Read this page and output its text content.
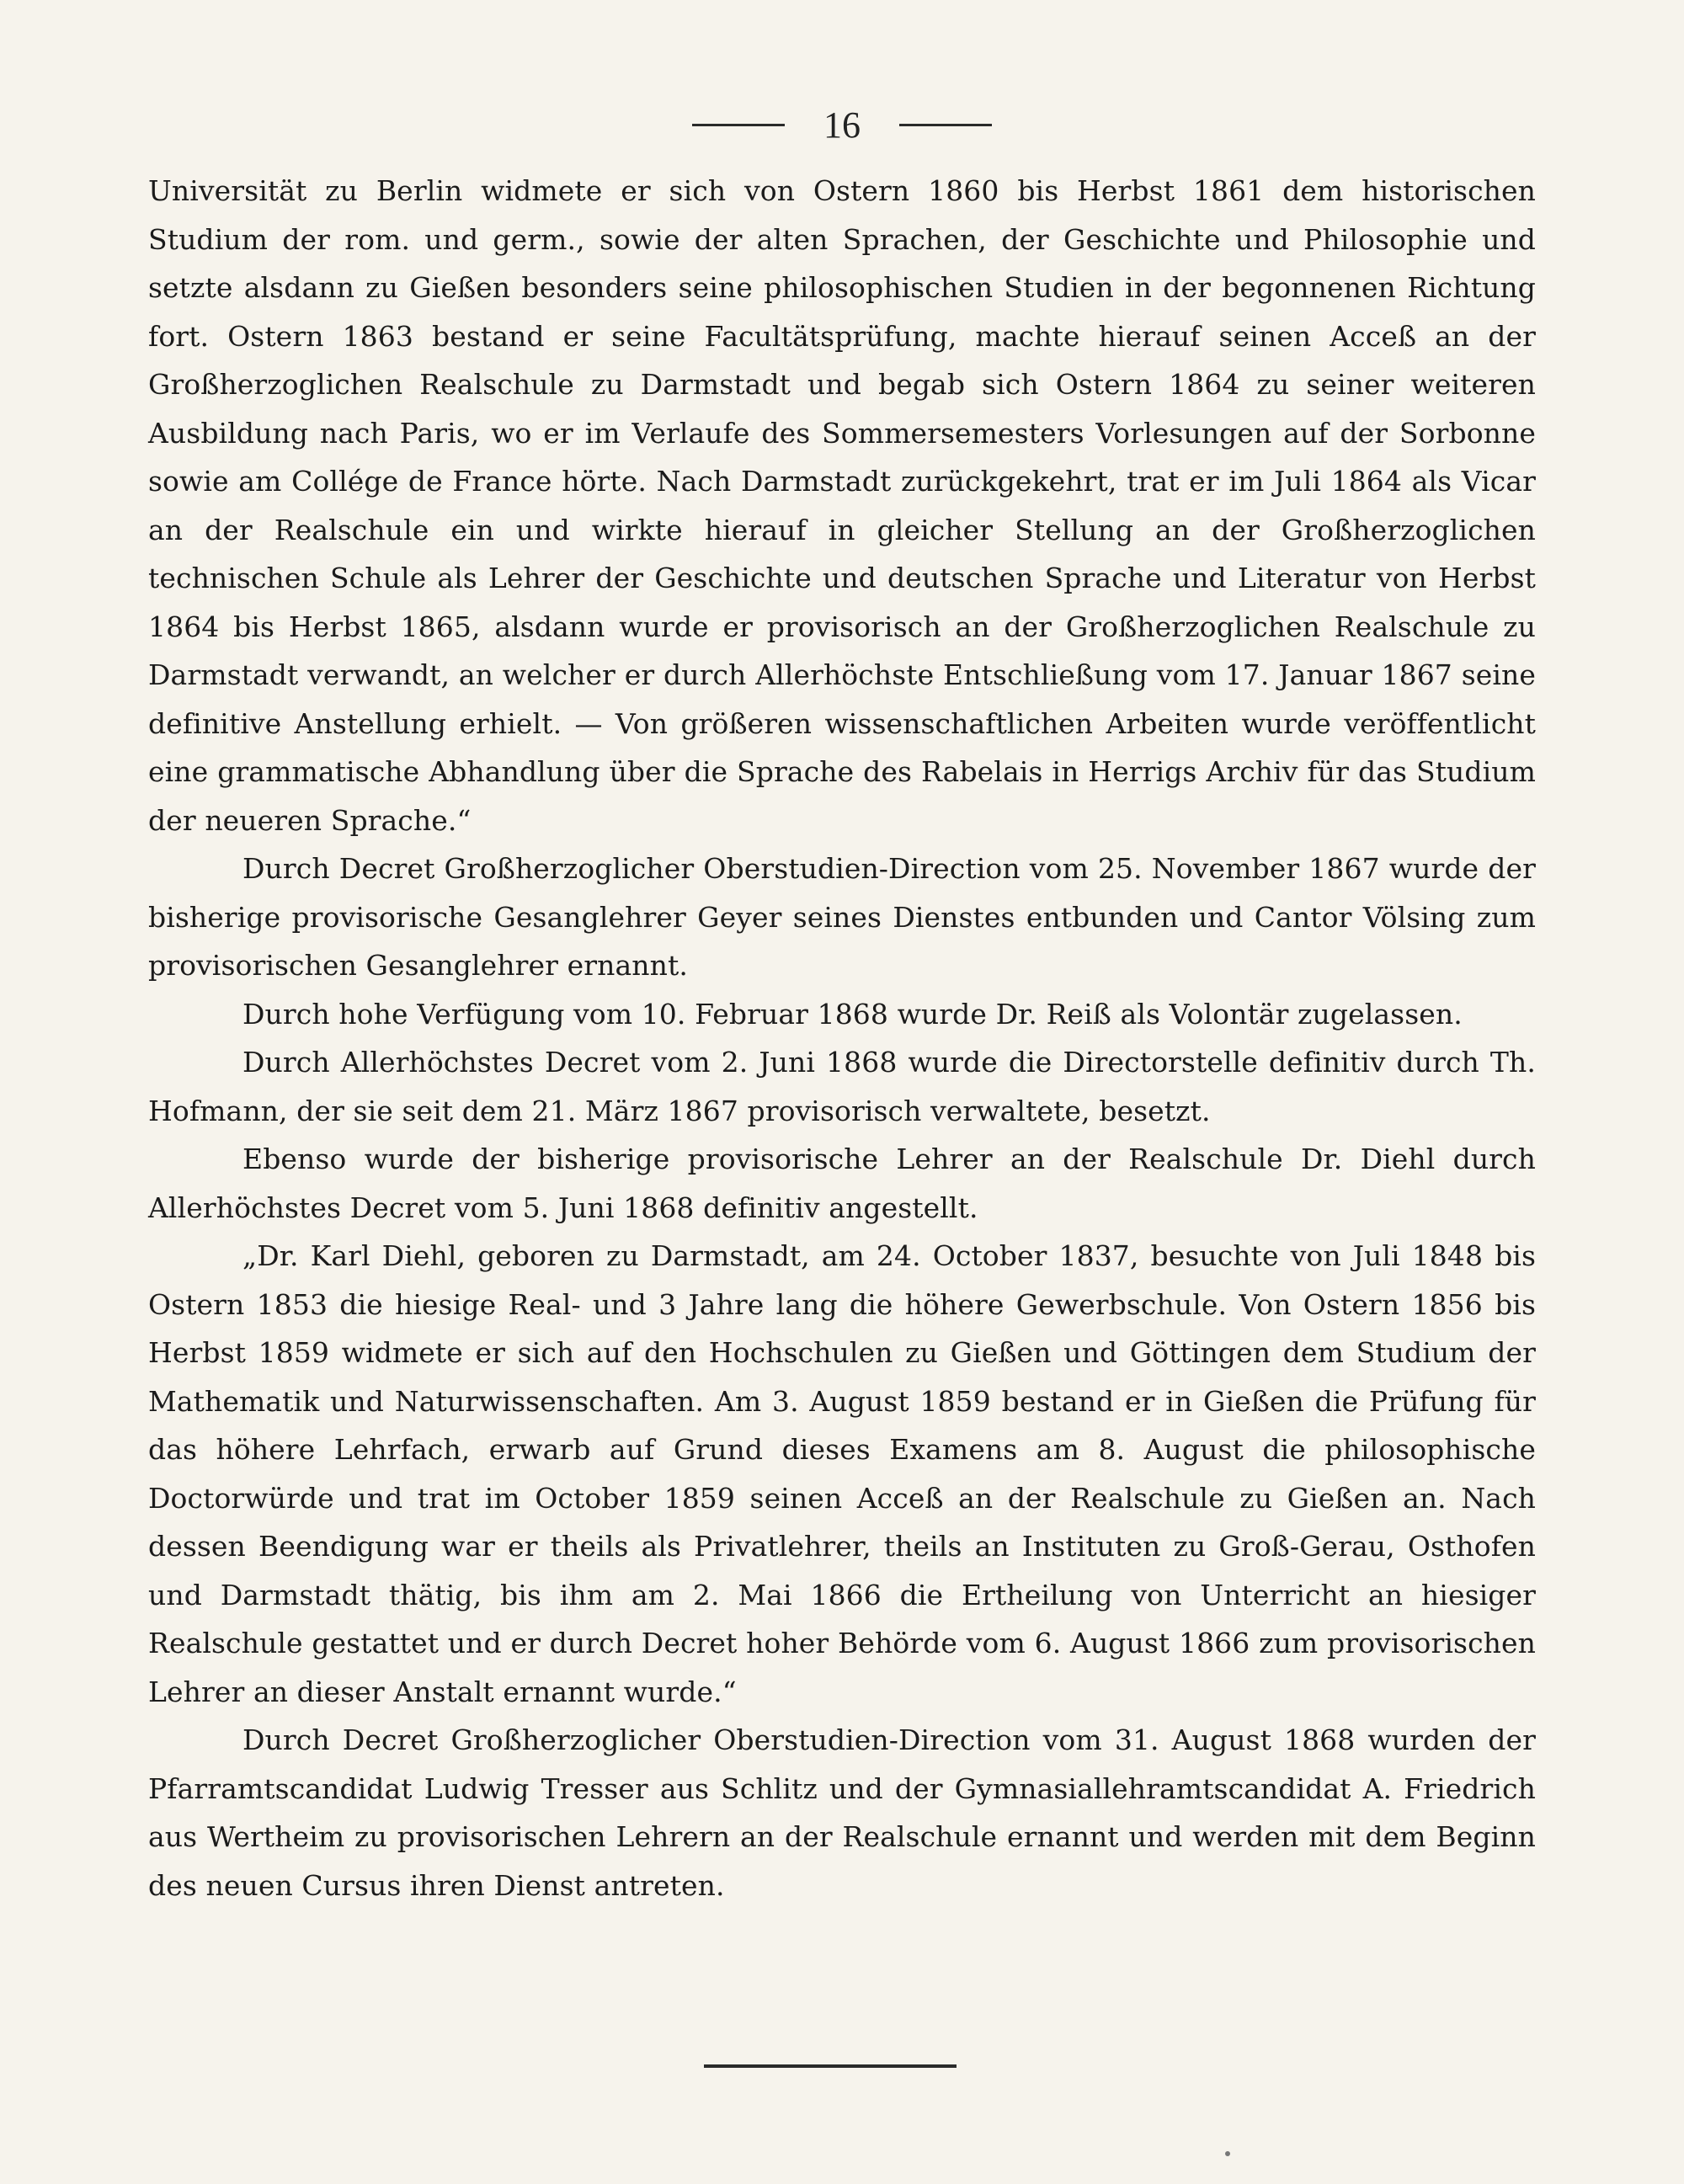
16

Universität zu Berlin widmete er sich von Ostern 1860 bis Herbst 1861 dem historischen Studium der rom. und germ., sowie der alten Sprachen, der Geschichte und Philosophie und setzte alsdann zu Gießen besonders seine philosophischen Studien in der begonnenen Richtung fort. Ostern 1863 bestand er seine Facultätsprüfung, machte hierauf seinen Acceß an der Großherzoglichen Realschule zu Darmstadt und begab sich Ostern 1864 zu seiner weiteren Ausbildung nach Paris, wo er im Verlaufe des Sommersemesters Vorlesungen auf der Sorbonne sowie am Collége de France hörte. Nach Darmstadt zurückgekehrt, trat er im Juli 1864 als Vicar an der Realschule ein und wirkte hierauf in gleicher Stellung an der Großherzoglichen technischen Schule als Lehrer der Geschichte und deutschen Sprache und Literatur von Herbst 1864 bis Herbst 1865, alsdann wurde er provisorisch an der Großherzoglichen Realschule zu Darmstadt verwandt, an welcher er durch Allerhöchste Entschließung vom 17. Januar 1867 seine definitive Anstellung erhielt. — Von größeren wissenschaftlichen Arbeiten wurde veröffentlicht eine grammatische Abhandlung über die Sprache des Rabelais in Herrigs Archiv für das Studium der neueren Sprache.“

Durch Decret Großherzoglicher Oberstudien-Direction vom 25. November 1867 wurde der bisherige provisorische Gesanglehrer Geyer seines Dienstes entbunden und Cantor Völsing zum provisorischen Gesanglehrer ernannt.

Durch hohe Verfügung vom 10. Februar 1868 wurde Dr. Reiß als Volontär zugelassen.

Durch Allerhöchstes Decret vom 2. Juni 1868 wurde die Directorstelle definitiv durch Th. Hofmann, der sie seit dem 21. März 1867 provisorisch verwaltete, besetzt.

Ebenso wurde der bisherige provisorische Lehrer an der Realschule Dr. Diehl durch Allerhöchstes Decret vom 5. Juni 1868 definitiv angestellt.

„Dr. Karl Diehl, geboren zu Darmstadt, am 24. October 1837, besuchte von Juli 1848 bis Ostern 1853 die hiesige Real- und 3 Jahre lang die höhere Gewerbschule. Von Ostern 1856 bis Herbst 1859 widmete er sich auf den Hochschulen zu Gießen und Göttingen dem Studium der Mathematik und Naturwissenschaften. Am 3. August 1859 bestand er in Gießen die Prüfung für das höhere Lehrfach, erwarb auf Grund dieses Examens am 8. August die philosophische Doctorwürde und trat im October 1859 seinen Acceß an der Realschule zu Gießen an. Nach dessen Beendigung war er theils als Privatlehrer, theils an Instituten zu Groß-Gerau, Osthofen und Darmstadt thätig, bis ihm am 2. Mai 1866 die Ertheilung von Unterricht an hiesiger Realschule gestattet und er durch Decret hoher Behörde vom 6. August 1866 zum provisorischen Lehrer an dieser Anstalt ernannt wurde.“

Durch Decret Großherzoglicher Oberstudien-Direction vom 31. August 1868 wurden der Pfarramtscandidat Ludwig Tresser aus Schlitz und der Gymnasiallehramtscandidat A. Friedrich aus Wertheim zu provisorischen Lehrern an der Realschule ernannt und werden mit dem Beginn des neuen Cursus ihren Dienst antreten.
